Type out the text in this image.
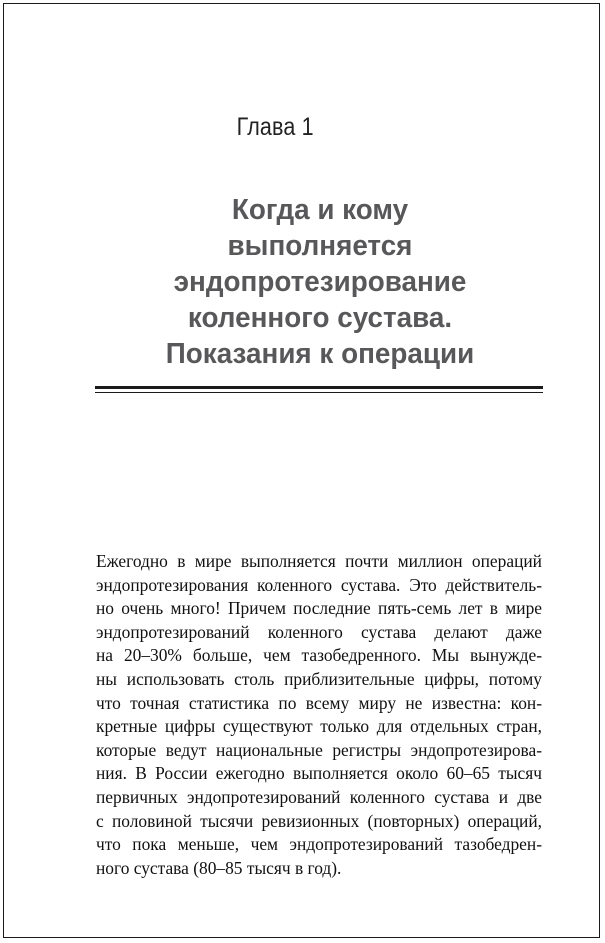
Глава 1
Когда и кому
выполняется
эндопротезирование
коленного сустава.
Показания к операции
Ежегодно в мире выполняется почти миллион операций
эндопротезирования коленного сустава. Это действитель-
но очень много! Причем последние пять-семь лет в мире
эндопротезирований коленного сустава делают даже
на 20–30% больше, чем тазобедренного. Мы вынужде-
ны использовать столь приблизительные цифры, потому
что точная статистика по всему миру не известна: кон-
кретные цифры существуют только для отдельных стран,
которые ведут национальные регистры эндопротезирова-
ния. В России ежегодно выполняется около 60–65 тысяч
первичных эндопротезирований коленного сустава и две
с половиной тысячи ревизионных (повторных) операций,
что пока меньше, чем эндопротезирований тазобедрен-
ного сустава (80–85 тысяч в год).
